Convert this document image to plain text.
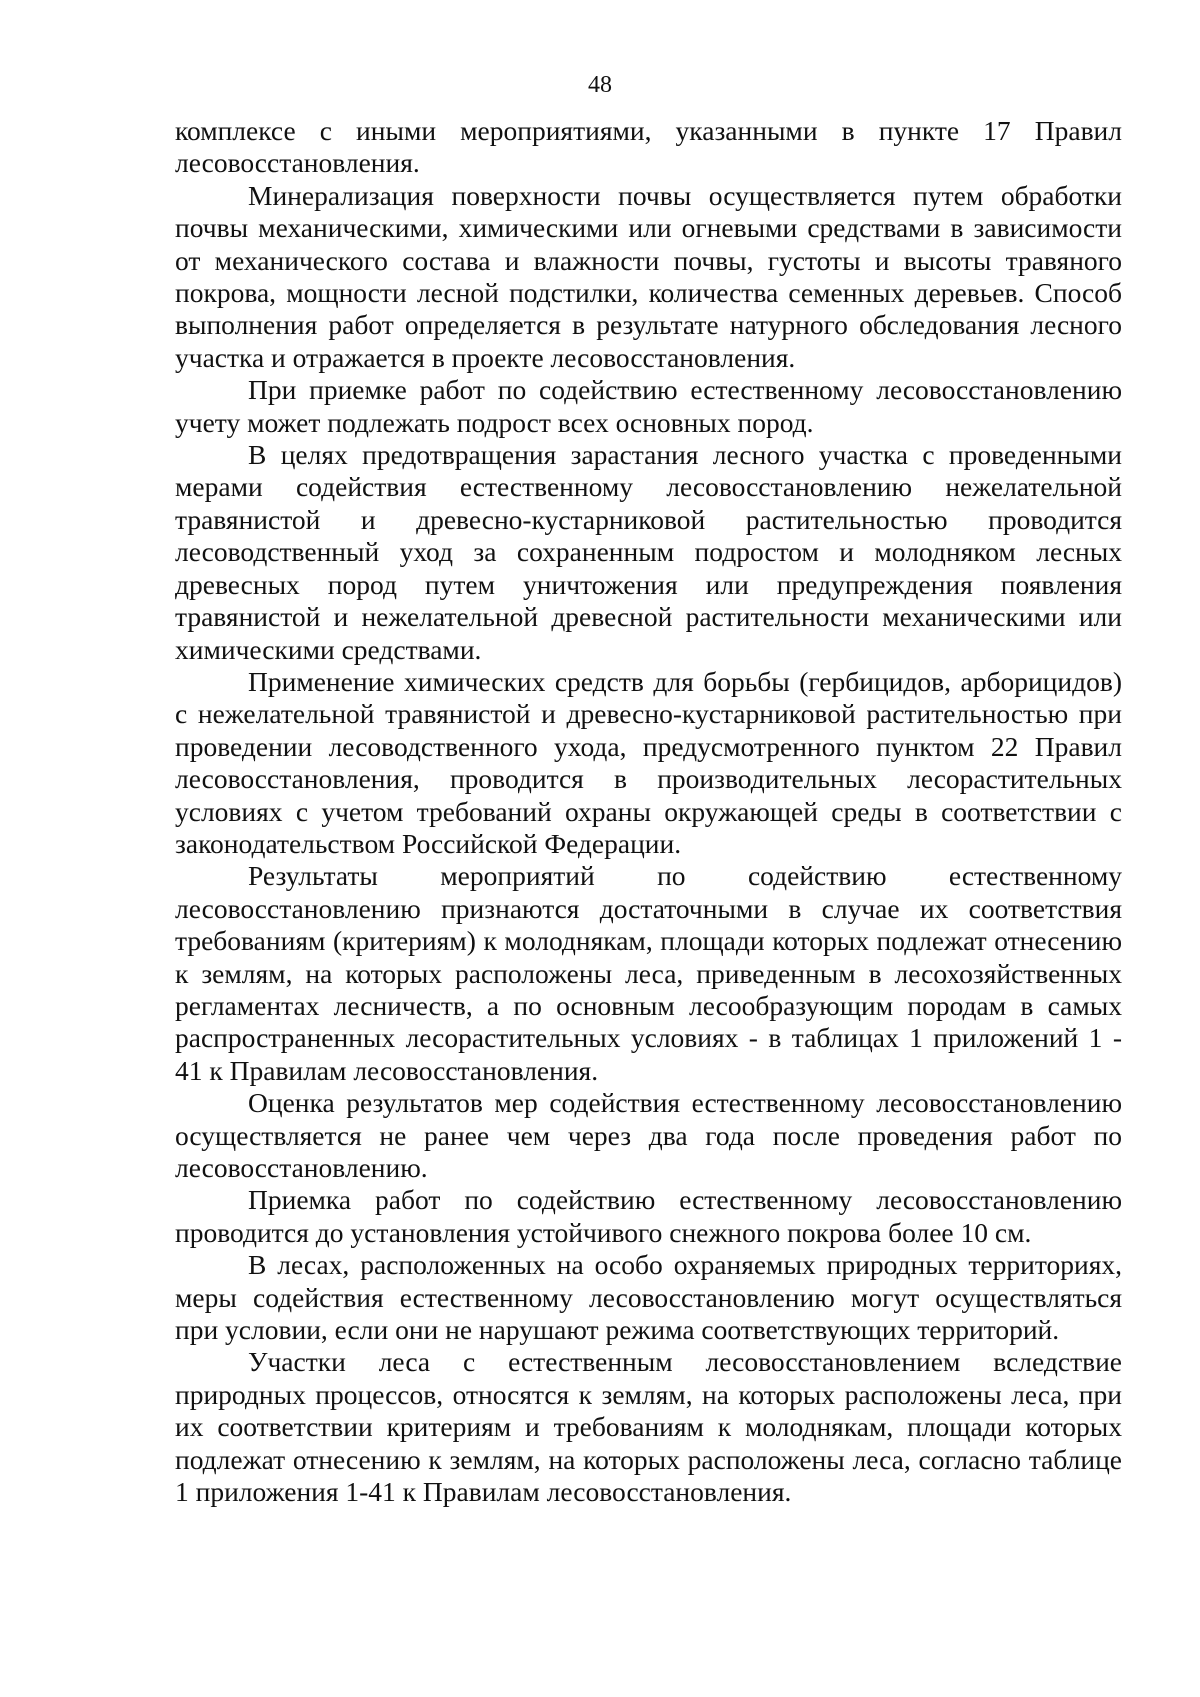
48

комплексе с иными мероприятиями, указанными в пункте 17 Правил лесовосстановления.

Минерализация поверхности почвы осуществляется путем обработки почвы механическими, химическими или огневыми средствами в зависимости от механического состава и влажности почвы, густоты и высоты травяного покрова, мощности лесной подстилки, количества семенных деревьев. Способ выполнения работ определяется в результате натурного обследования лесного участка и отражается в проекте лесовосстановления.

При приемке работ по содействию естественному лесовосстановлению учету может подлежать подрост всех основных пород.

В целях предотвращения зарастания лесного участка с проведенными мерами содействия естественному лесовосстановлению нежелательной травянистой и древесно-кустарниковой растительностью проводится лесоводственный уход за сохраненным подростом и молодняком лесных древесных пород путем уничтожения или предупреждения появления травянистой и нежелательной древесной растительности механическими или химическими средствами.

Применение химических средств для борьбы (гербицидов, арборицидов) с нежелательной травянистой и древесно-кустарниковой растительностью при проведении лесоводственного ухода, предусмотренного пунктом 22 Правил лесовосстановления, проводится в производительных лесорастительных условиях с учетом требований охраны окружающей среды в соответствии с законодательством Российской Федерации.

Результаты мероприятий по содействию естественному лесовосстановлению признаются достаточными в случае их соответствия требованиям (критериям) к молоднякам, площади которых подлежат отнесению к землям, на которых расположены леса, приведенным в лесохозяйственных регламентах лесничеств, а по основным лесообразующим породам в самых распространенных лесорастительных условиях - в таблицах 1 приложений 1 - 41 к Правилам лесовосстановления.

Оценка результатов мер содействия естественному лесовосстановлению осуществляется не ранее чем через два года после проведения работ по лесовосстановлению.

Приемка работ по содействию естественному лесовосстановлению проводится до установления устойчивого снежного покрова более 10 см.

В лесах, расположенных на особо охраняемых природных территориях, меры содействия естественному лесовосстановлению могут осуществляться при условии, если они не нарушают режима соответствующих территорий.

Участки леса с естественным лесовосстановлением вследствие природных процессов, относятся к землям, на которых расположены леса, при их соответствии критериям и требованиям к молоднякам, площади которых подлежат отнесению к землям, на которых расположены леса, согласно таблице 1 приложения 1-41 к Правилам лесовосстановления.
